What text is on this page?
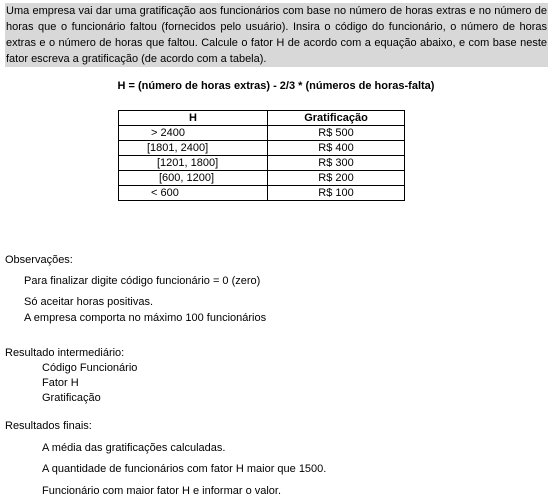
Uma empresa vai dar uma gratificação aos funcionários com base no número de horas extras e no número de horas que o funcionário faltou (fornecidos pelo usuário). Insira o código do funcionário, o número de horas extras e o número de horas que faltou. Calcule o fator H de acordo com a equação abaixo, e com base neste fator escreva a gratificação (de acordo com a tabela).
H = (número de horas extras) - 2/3 * (números de horas-falta)
H	Gratificação
> 2400	R$ 500
[1801, 2400]	R$ 400
[1201, 1800]	R$ 300
[600, 1200]	R$ 200
< 600	R$ 100
Observações:
Para finalizar digite código funcionário = 0 (zero)
Só aceitar horas positivas.
A empresa comporta no máximo 100 funcionários
Resultado intermediário:
Código Funcionário
Fator H
Gratificação
Resultados finais:
A média das gratificações calculadas.
A quantidade de funcionários com fator H maior que 1500.
Funcionário com maior fator H e informar o valor.
